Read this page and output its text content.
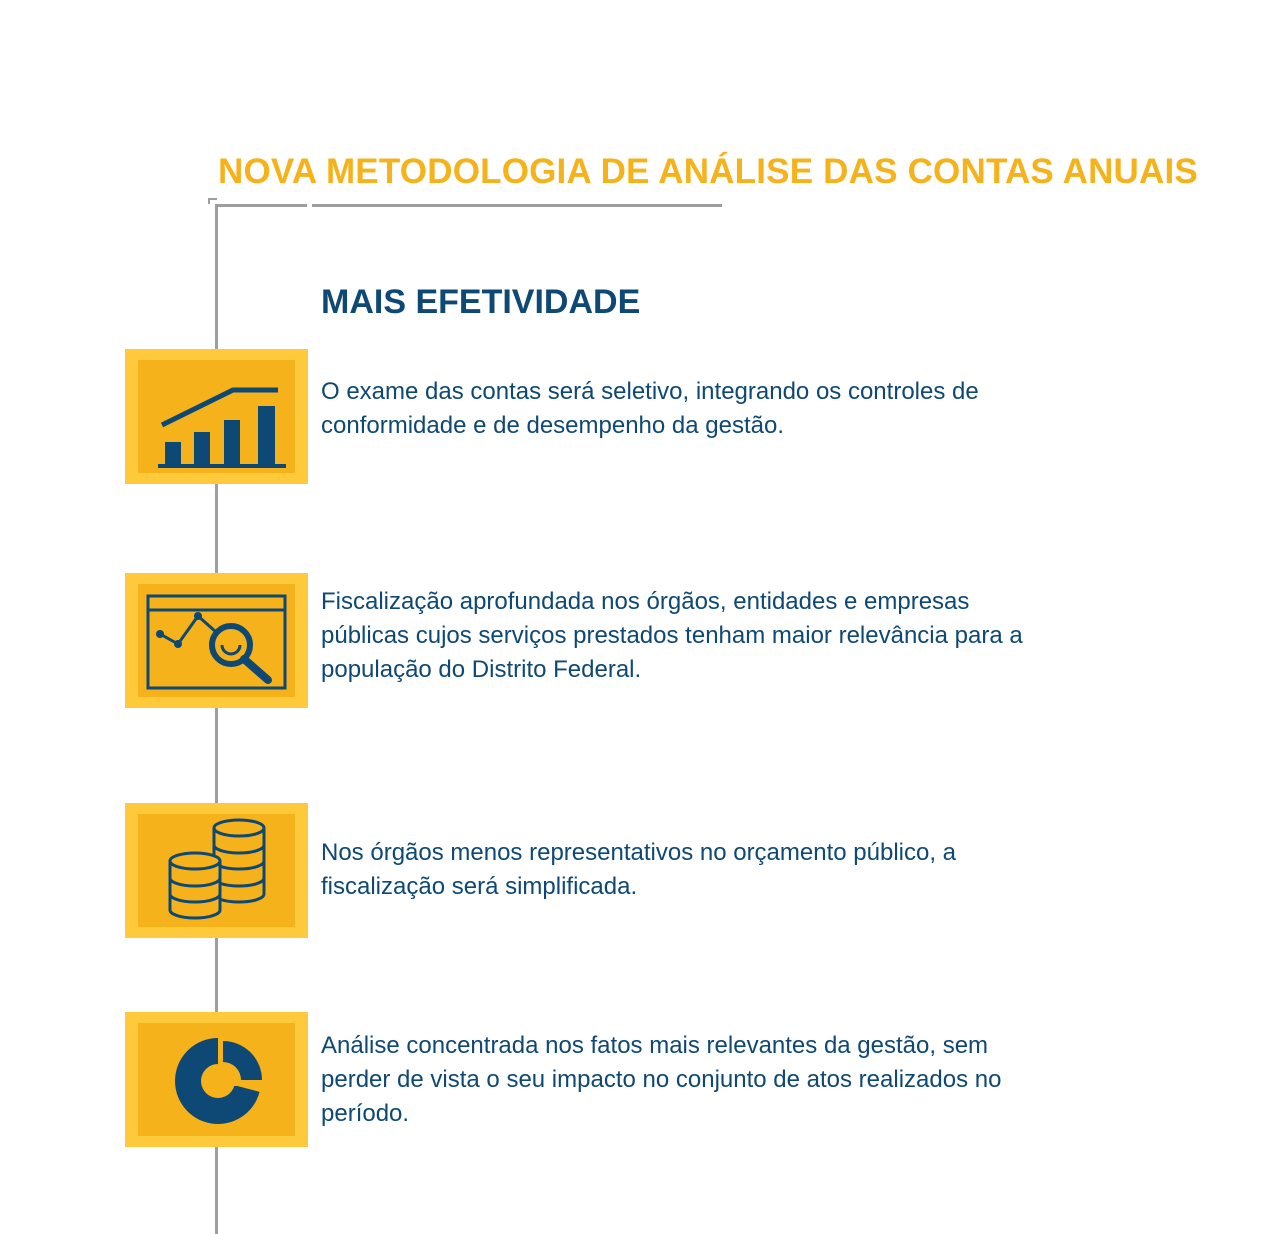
NOVA METODOLOGIA DE ANÁLISE DAS CONTAS ANUAIS
MAIS EFETIVIDADE

O exame das contas será seletivo, integrando os controles de conformidade e de desempenho da gestão.

Fiscalização aprofundada nos órgãos, entidades e empresas públicas cujos serviços prestados tenham maior relevância para a população do Distrito Federal.

Nos órgãos menos representativos no orçamento público, a fiscalização será simplificada.

Análise concentrada nos fatos mais relevantes da gestão, sem perder de vista o seu impacto no conjunto de atos realizados no período.
